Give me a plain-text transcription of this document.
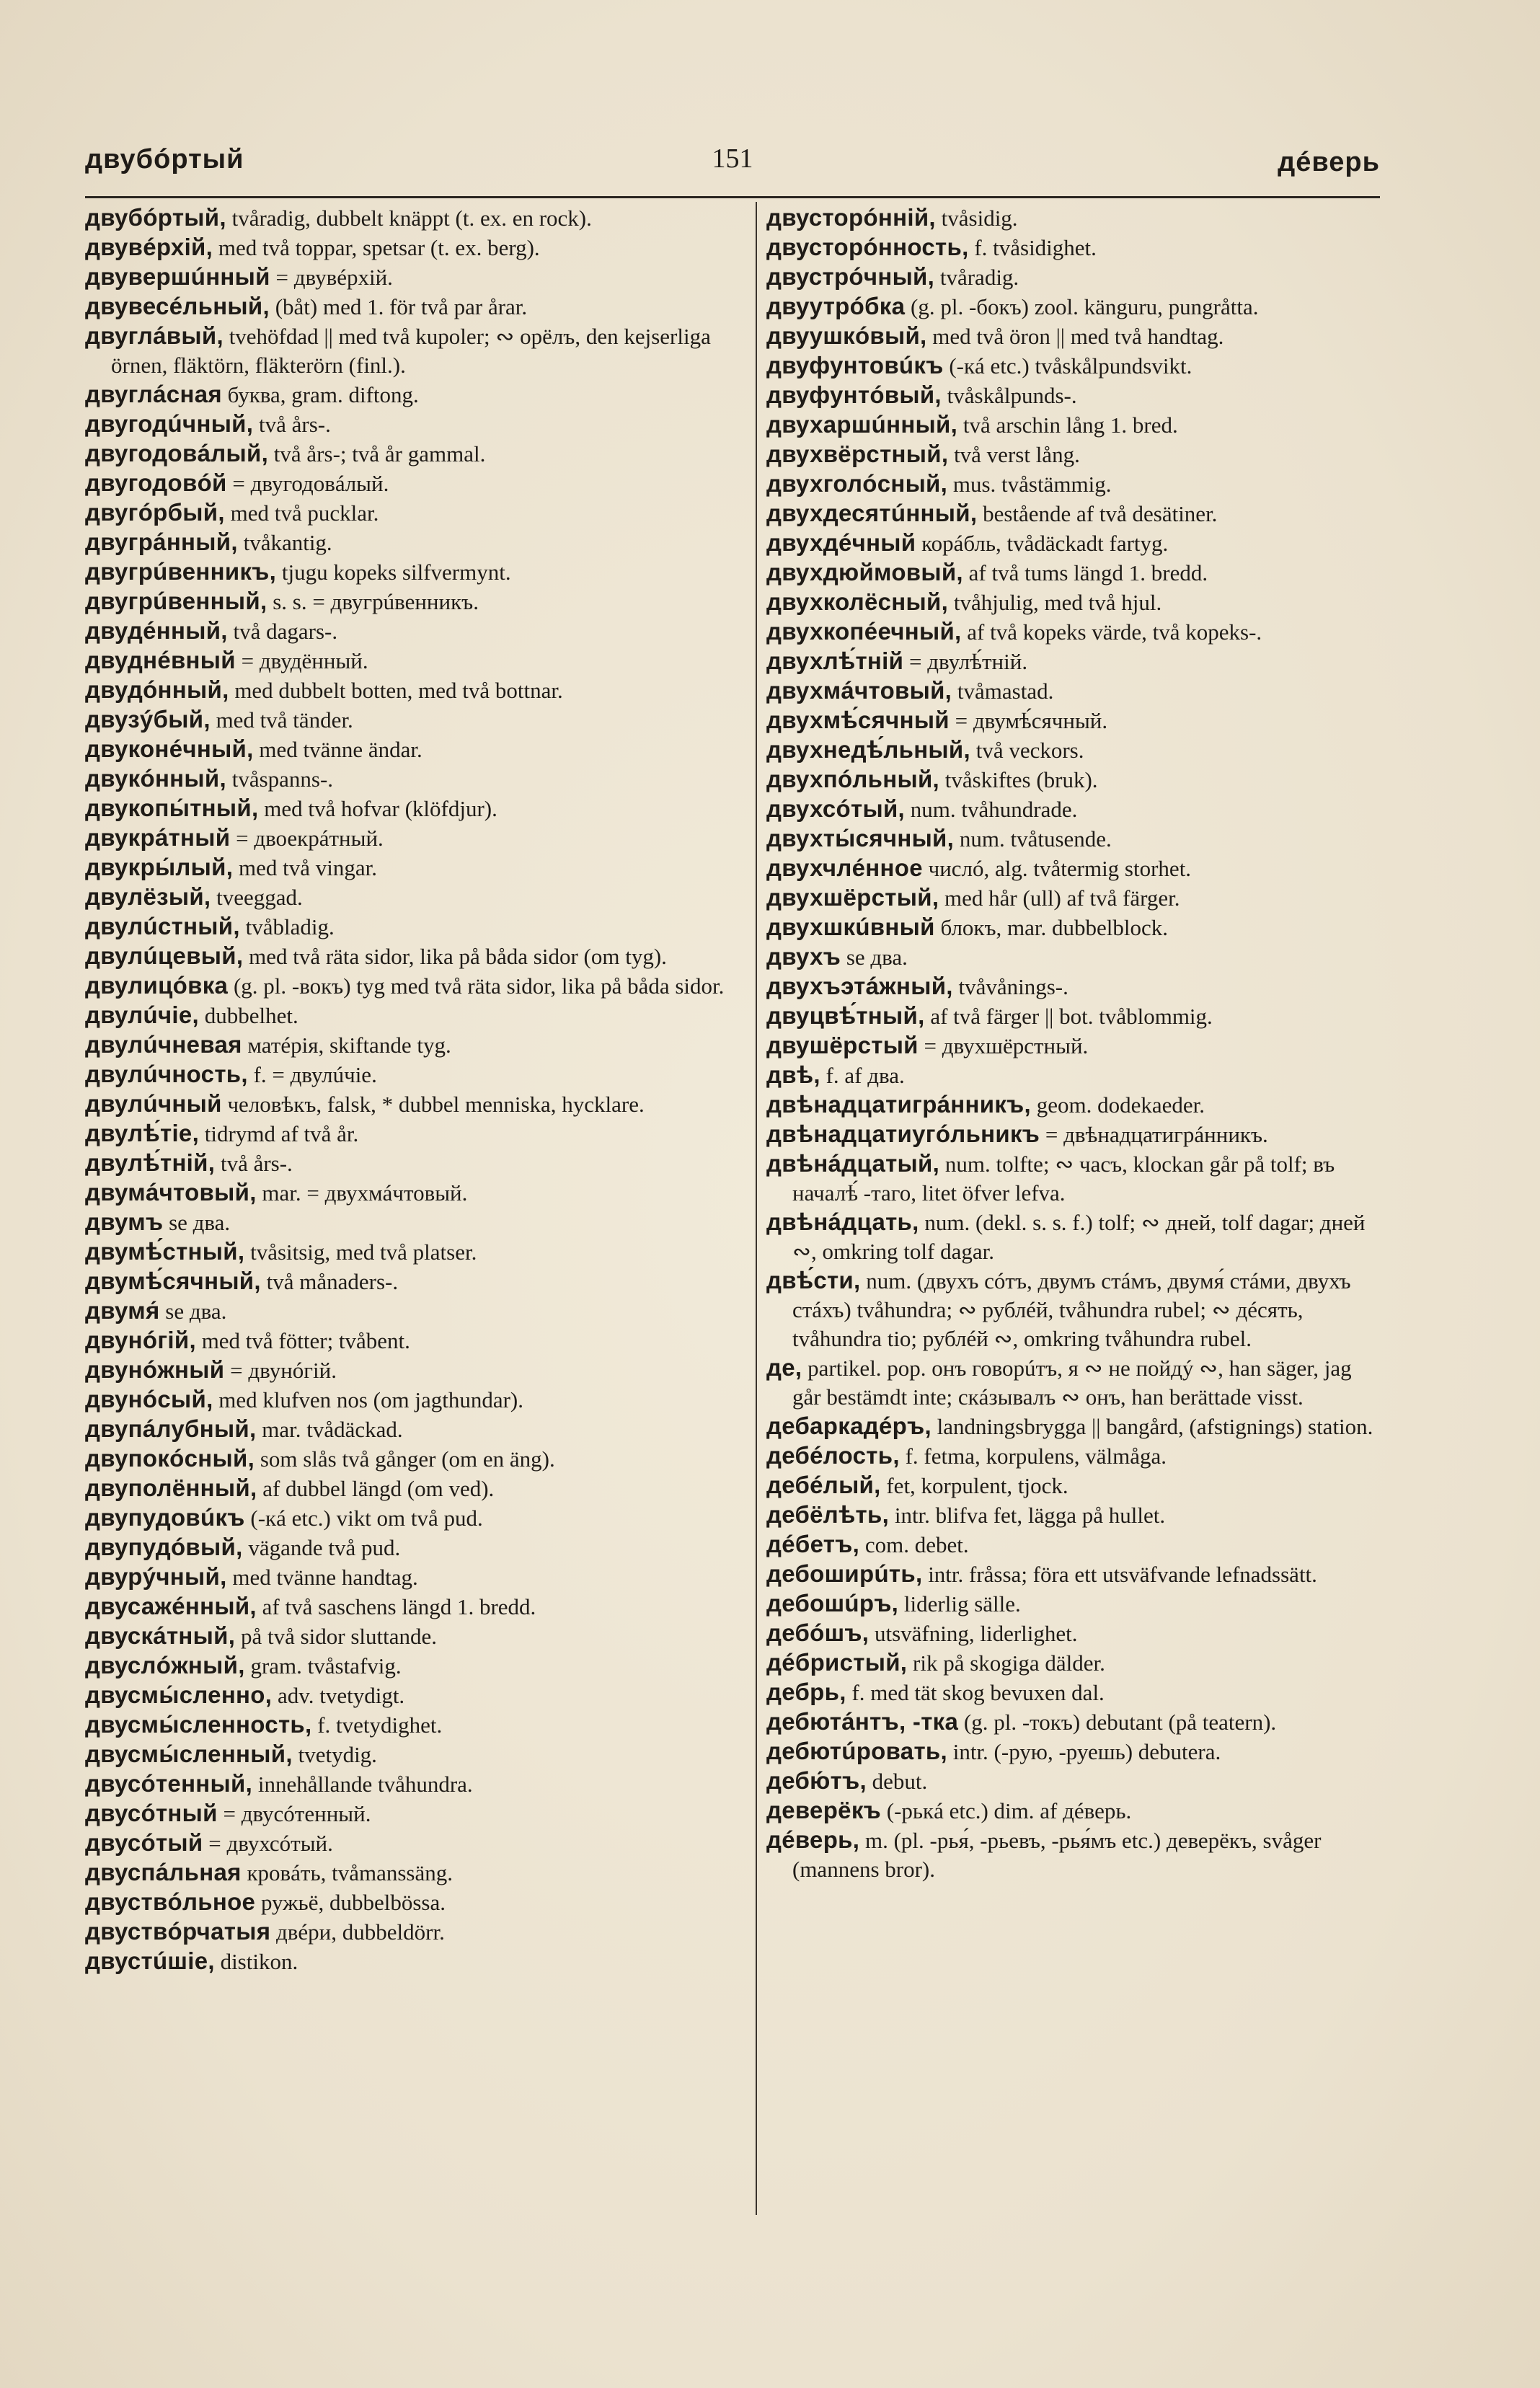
двубóртый	151	дéверь

двубóртый, tvåradig, dubbelt knäppt (t. ex. en rock).

двувéрхiй, med två toppar, spetsar (t. ex. berg).

двувершúнный = двувéрхiй.

двувесéльный, (båt) med 1. för två par årar.

двуглáвый, tvehöfdad || med två kupoler; ∾ орёлъ, den kejserliga örnen, fläktörn, fläkterörn (finl.).

двуглáсная буква, gram. diftong.

двугодúчный, två års-.

двугодовáлый, två års-; två år gammal.

двугодовóй = двугодовáлый.

двугóрбый, med två pucklar.

двугрáнный, tvåkantig.

двугрúвенникъ, tjugu kopeks silfvermynt.

двугрúвенный, s. s. = двугрúвенникъ.

двудéнный, två dagars-.

двуднéвный = двудённый.

двудóнный, med dubbelt botten, med två bottnar.

двузýбый, med två tänder.

двуконéчный, med tvänne ändar.

двукóнный, tvåspanns-.

двукопы́тный, med två hofvar (klöfdjur).

двукрáтный = двоекрáтный.

двукры́лый, med två vingar.

двулёзый, tveeggad.

двулúстный, tvåbladig.

двулúцевый, med två räta sidor, lika på båda sidor (om tyg).

двулицóвка (g. pl. -вокъ) tyg med två räta sidor, lika på båda sidor.

двулúчiе, dubbelhet.

двулúчневая матéрiя, skiftande tyg.

двулúчность, f. = двулúчiе.

двулúчный человѣкъ, falsk, * dubbel menniska, hycklare.

двулѣ́тiе, tidrymd af två år.

двулѣ́тнiй, två års-.

двумáчтовый, mar. = двухмáчтовый.

двумъ se два.

двумѣ́стный, tvåsitsig, med två platser.

двумѣ́сячный, två månaders-.

двумя́ se два.

двунóгiй, med två fötter; tvåbent.

двунóжный = двунóгiй.

двунóсый, med klufven nos (om jagthundar).

двупáлубный, mar. tvådäckad.

двупокóсный, som slås två gånger (om en äng).

двуполённый, af dubbel längd (om ved).

двупудовúкъ (-кá etc.) vikt om två pud.

двупудóвый, vägande två pud.

двурýчный, med tvänne handtag.

двусажéнный, af två saschens längd 1. bredd.

двускáтный, på två sidor sluttande.

двуслóжный, gram. tvåstafvig.

двусмы́сленно, adv. tvetydigt.

двусмы́сленность, f. tvetydighet.

двусмы́сленный, tvetydig.

двусóтенный, innehållande tvåhundra.

двусóтный = двусóтенный.

двусóтый = двухсóтый.

двуспáльная кровáть, tvåmanssäng.

двуствóльное ружьё, dubbelbössa.

двуствóрчатыя двéри, dubbeldörr.

двустúшiе, distikon.

двусторóннiй, tvåsidig.

двусторóнность, f. tvåsidighet.

двустрóчный, tvåradig.

двуутрóбка (g. pl. -бокъ) zool. känguru, pungråtta.

двуушкóвый, med två öron || med två handtag.

двуфунтовúкъ (-кá etc.) tvåskålpundsvikt.

двуфунтóвый, tvåskålpunds-.

двухаршúнный, två arschin lång 1. bred.

двухвёрстный, två verst lång.

двухголóсный, mus. tvåstämmig.

двухдесятúнный, bestående af två desätiner.

двухдéчный корáбль, tvådäckadt fartyg.

двухдюймовый, af två tums längd 1. bredd.

двухколёсный, tvåhjulig, med två hjul.

двухкопéечный, af två kopeks värde, två kopeks-.

двухлѣ́тнiй = двулѣ́тнiй.

двухмáчтовый, tvåmastad.

двухмѣ́сячный = двумѣ́сячный.

двухнедѣ́льный, två veckors.

двухпóльный, tvåskiftes (bruk).

двухсóтый, num. tvåhundrade.

двухты́сячный, num. tvåtusende.

двухчлéнное числó, alg. tvåtermig storhet.

двухшёрстый, med hår (ull) af två färger.

двухшкúвный блокъ, mar. dubbelblock.

двухъ se два.

двухъэтáжный, tvåvånings-.

двуцвѣ́тный, af två färger || bot. tvåblommig.

двушёрстый = двухшёрстный.

двѣ, f. af два.

двѣнадцатигрáнникъ, geom. dodekaeder.

двѣнадцатиугóльникъ = двѣнадцатигрáнникъ.

двѣнáдцатый, num. tolfte; ∾ часъ, klockan går på tolf; въ началѣ́ -таго, litet öfver lefva.

двѣнáдцать, num. (dekl. s. s. f.) tolf; ∾ дней, tolf dagar; дней ∾, omkring tolf dagar.

двѣ́сти, num. (двухъ сóтъ, двумъ стáмъ, двумя́ стáми, двухъ стáхъ) tvåhundra; ∾ рублéй, tvåhundra rubel; ∾ дéсять, tvåhundra tio; рублéй ∾, omkring tvåhundra rubel.

де, partikel. pop. онъ говорúтъ, я ∾ не пойдý ∾, han säger, jag går bestämdt inte; скáзывалъ ∾ онъ, han berättade visst.

дебаркадéръ, landningsbrygga || bangård, (afstignings) station.

дебéлость, f. fetma, korpulens, välmåga.

дебéлый, fet, korpulent, tjock.

дебёлѣть, intr. blifva fet, lägga på hullet.

дéбетъ, com. debet.

дебоширúть, intr. fråssa; föra ett utsväfvande lefnadssätt.

дебошúръ, liderlig sälle.

дебóшъ, utsväfning, liderlighet.

дéбристый, rik på skogiga dälder.

дебрь, f. med tät skog bevuxen dal.

дебютáнтъ, -тка (g. pl. -токъ) debutant (på teatern).

дебютúровать, intr. (-рую, -руешь) debutera.

дебю́тъ, debut.

деверёкъ (-рькá etc.) dim. af дéверь.

дéверь, m. (pl. -рья́, -рьевъ, -рья́мъ etc.) деверёкъ, svåger (mannens bror).
